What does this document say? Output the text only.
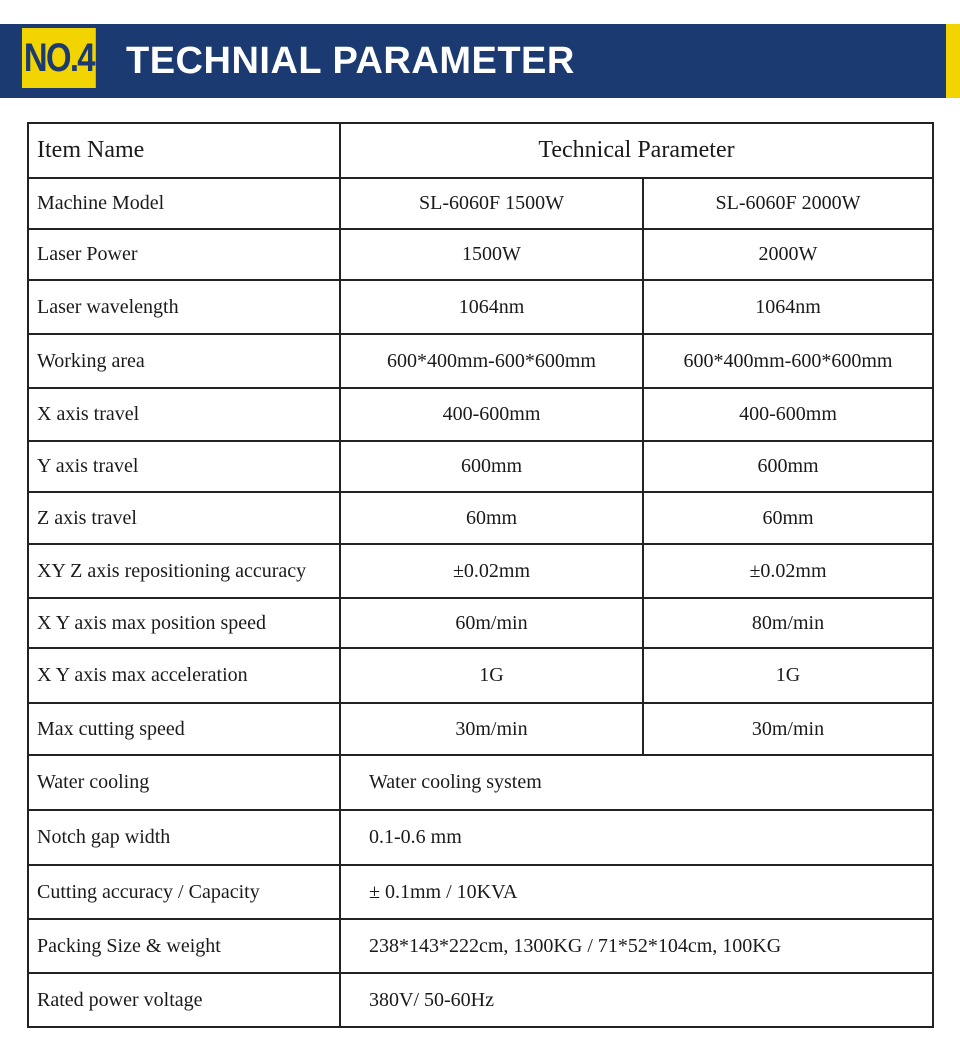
NO.4 TECHNIAL PARAMETER
Item Name	Technical Parameter	
Machine Model	SL-6060F 1500W	SL-6060F 2000W
Laser Power	1500W	2000W
Laser wavelength	1064nm	1064nm
Working area	600*400mm-600*600mm	600*400mm-600*600mm
X axis travel	400-600mm	400-600mm
Y axis travel	600mm	600mm
Z axis travel	60mm	60mm
XY Z axis repositioning accuracy	±0.02mm	±0.02mm
X Y axis max position speed	60m/min	80m/min
X Y axis max acceleration	1G	1G
Max cutting speed	30m/min	30m/min
Water cooling	Water cooling system	
Notch gap width	0.1-0.6 mm	
Cutting accuracy / Capacity	± 0.1mm / 10KVA	
Packing Size & weight	238*143*222cm, 1300KG / 71*52*104cm, 100KG	
Rated power voltage	380V/ 50-60Hz	
